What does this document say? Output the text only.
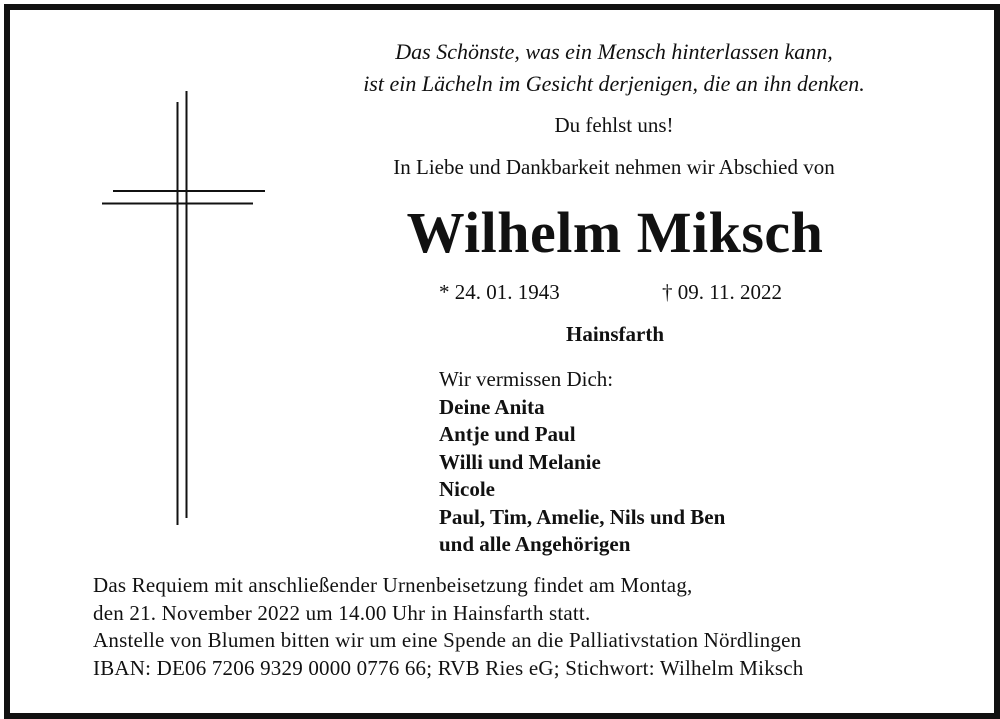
Das Schönste, was ein Mensch hinterlassen kann,
ist ein Lächeln im Gesicht derjenigen, die an ihn denken.
Du fehlst uns!
In Liebe und Dankbarkeit nehmen wir Abschied von
Wilhelm Miksch
* 24. 01. 1943	† 09. 11. 2022
Hainsfarth
Wir vermissen Dich:
Deine Anita
Antje und Paul
Willi und Melanie
Nicole
Paul, Tim, Amelie, Nils und Ben
und alle Angehörigen
Das Requiem mit anschließender Urnenbeisetzung findet am Montag,
den 21. November 2022 um 14.00 Uhr in Hainsfarth statt.
Anstelle von Blumen bitten wir um eine Spende an die Palliativstation Nördlingen
IBAN: DE06 7206 9329 0000 0776 66; RVB Ries eG; Stichwort: Wilhelm Miksch
